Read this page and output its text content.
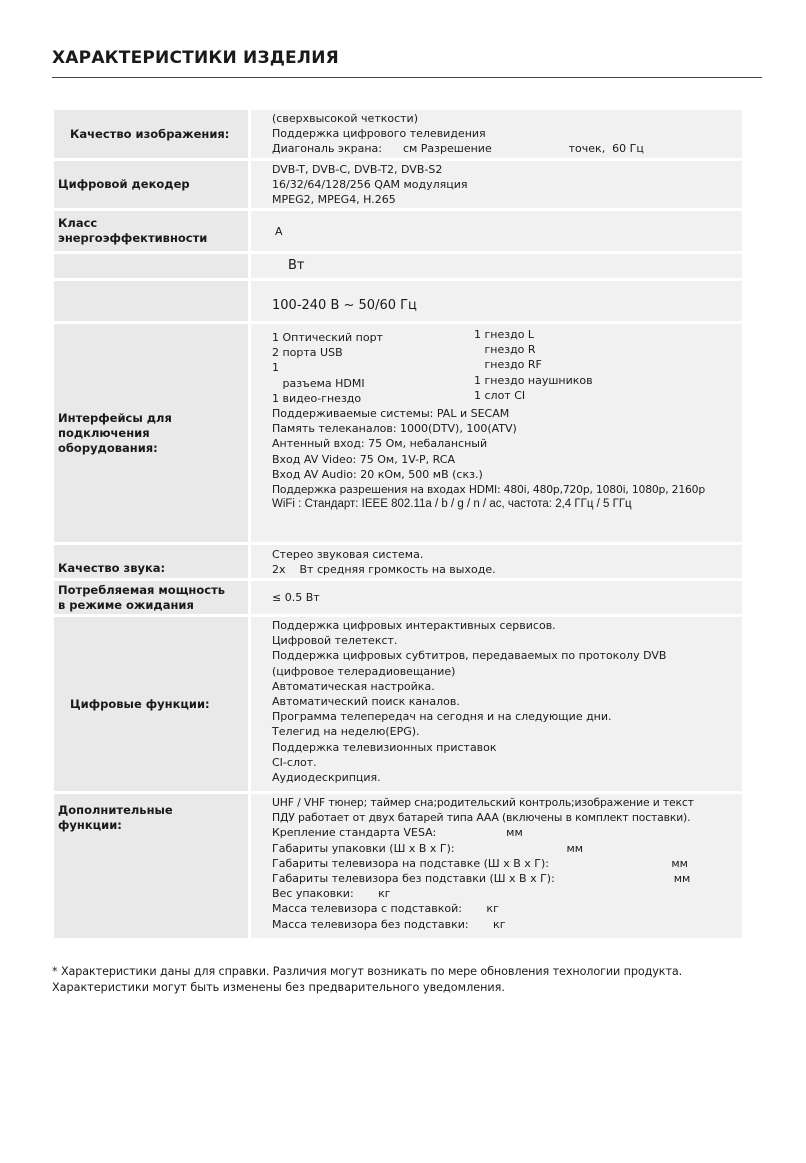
ХАРАКТЕРИСТИКИ ИЗДЕЛИЯ
Качество изображения:
(сверхвысокой четкости)
Поддержка цифрового телевидения
Диагональ экрана:      см Разрешение                      точек,  60 Гц
Цифровой декодер
DVB-T, DVB-C, DVB-T2, DVB-S2
16/32/64/128/256 QAM модуляция
MPEG2, MPEG4, H.265
Класс
энергоэффективности	A
Вт
100-240 В ~ 50/60 Гц
Интерфейсы для подключения оборудования:
1 Оптический порт
2 порта USB
1
разъема HDMI
1 видео-гнездо
1 гнездо L
гнездо R
гнездо RF
1 гнездо наушников
1 слот CI
Поддерживаемые системы: PAL и SECAM
Память телеканалов: 1000(DTV), 100(ATV)
Антенный вход: 75 Ом, небалансный
Вход AV Video: 75 Ом, 1V-P, RCA
Вход AV Audio: 20 кОм, 500 мВ (скз.)
Поддержка разрешения на входах HDMI: 480i, 480p,720p, 1080i, 1080p, 2160p
WiFi : Стандарт: IEEE 802.11a / b / g / n / ac, частота: 2,4 ГГц / 5 ГГц
Качество звука:
Стерео звуковая система.
2x    Вт средняя громкость на выходе.
Потребляемая мощность
в режиме ожидания	≤ 0.5 Вт
Цифровые функции:
Поддержка цифровых интерактивных сервисов.
Цифровой телетекст.
Поддержка цифровых субтитров, передаваемых по протоколу DVB
(цифровое телерадиовещание)
Автоматическая настройка.
Автоматический поиск каналов.
Программа телепередач на сегодня и на следующие дни.
Телегид на неделю(EPG).
Поддержка телевизионных приставок
CI-слот.
Аудиодескрипция.
Дополнительные
функции:
UHF / VHF тюнер; таймер сна;родительский контроль;изображение и текст
ПДУ работает от двух батарей типа AAA (включены в комплект поставки).
Крепление стандарта VESA:                    мм
Габариты упаковки (Ш х В х Г):                                мм
Габариты телевизора на подставке (Ш х В х Г):                                   мм
Габариты телевизора без подставки (Ш х В х Г):                                  мм
Вес упаковки:       кг
Масса телевизора с подставкой:       кг
Масса телевизора без подставки:       кг
* Характеристики даны для справки. Различия могут возникать по мере обновления технологии продукта.
Характеристики могут быть изменены без предварительного уведомления.
